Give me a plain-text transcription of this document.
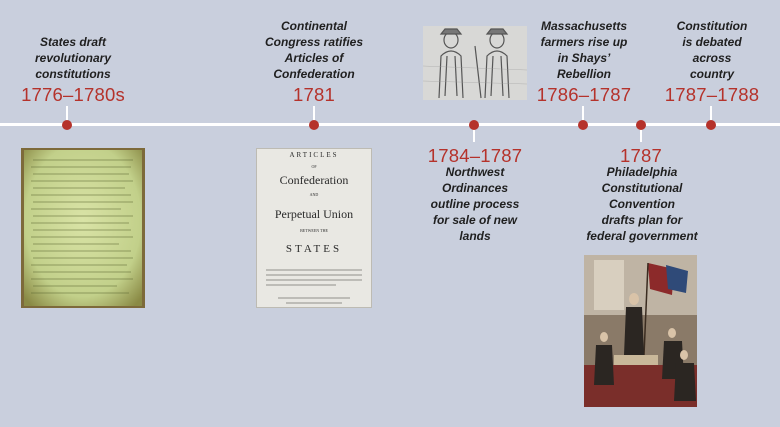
States draft
revolutionary
constitutions
1776–1780s
Continental
Congress ratifies
Articles of
Confederation
1781
ARTICLES
OF
Confederation
AND
Perpetual Union
BETWEEN THE
STATES
1784–1787
Northwest
Ordinances
outline process
for sale of new
lands
Massachusetts
farmers rise up
in Shays’
Rebellion
1786–1787
1787
Philadelphia
Constitutional
Convention
drafts plan for
federal government
Constitution
is debated
across
country
1787–1788
